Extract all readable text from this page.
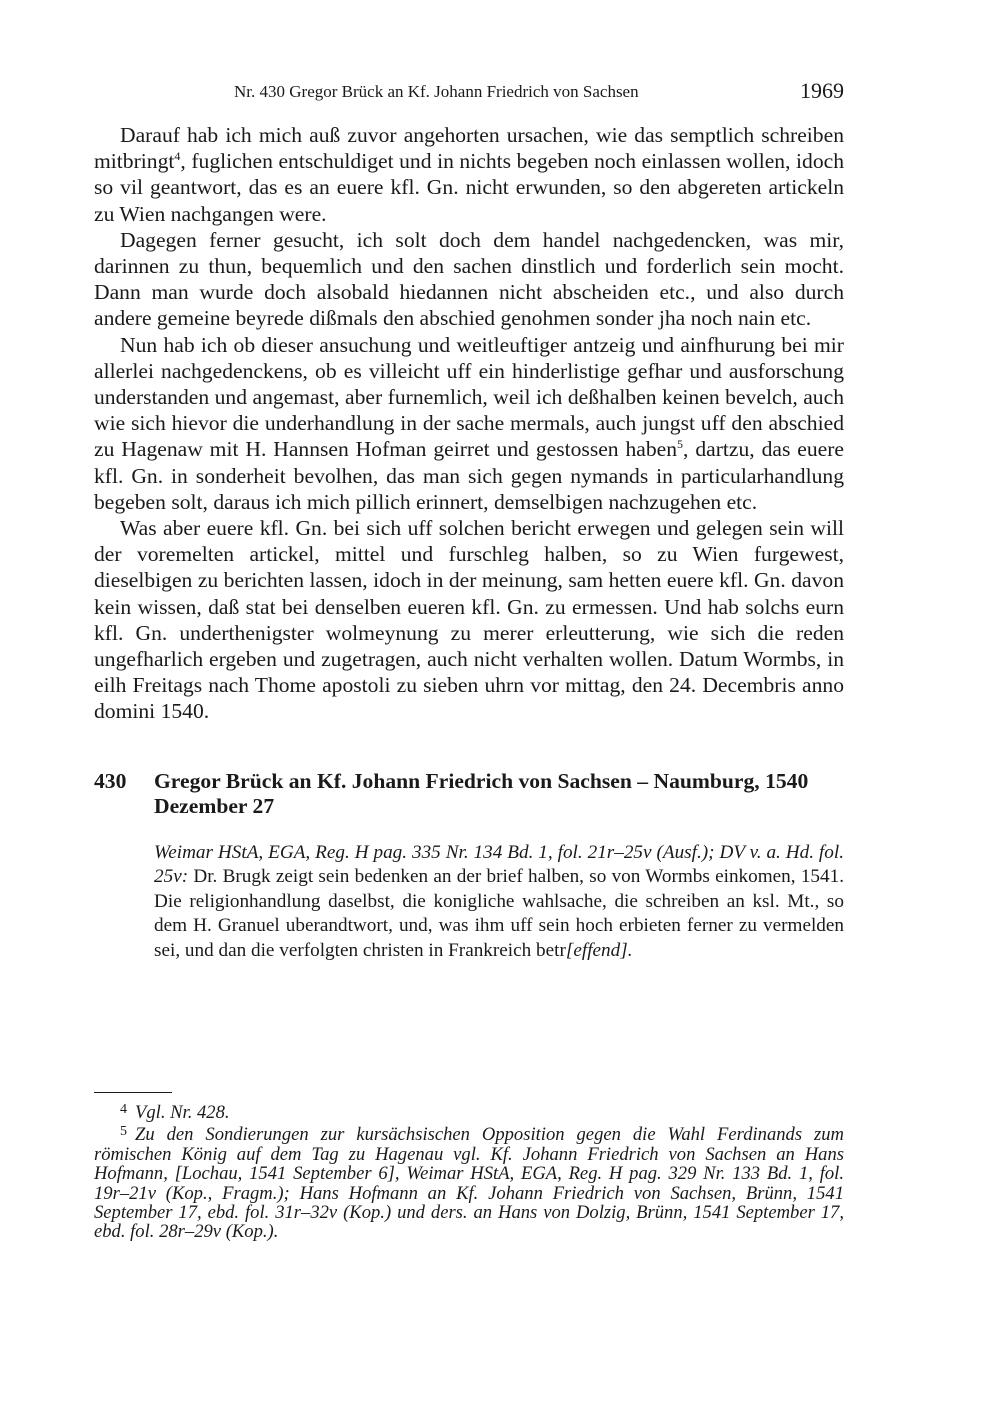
Nr. 430 Gregor Brück an Kf. Johann Friedrich von Sachsen	1969

Darauf hab ich mich auß zuvor angehorten ursachen, wie das semptlich schreiben mitbringt$^4$, fuglichen entschuldiget und in nichts begeben noch einlassen wollen, idoch so vil geantwort, das es an euere kfl. Gn. nicht erwunden, so den abgereten artickeln zu Wien nachgangen were.

Dagegen ferner gesucht, ich solt doch dem handel nachgedencken, was mir, darinnen zu thun, bequemlich und den sachen dinstlich und forderlich sein mocht. Dann man wurde doch alsobald hiedannen nicht abscheiden etc., und also durch andere gemeine beyrede dißmals den abschied genohmen sonder jha noch nain etc.

Nun hab ich ob dieser ansuchung und weitleuftiger antzeig und ainfhurung bei mir allerlei nachgedenckens, ob es villeicht uff ein hinderlistige gefhar und ausforschung understanden und angemast, aber furnemlich, weil ich deßhalben keinen bevelch, auch wie sich hievor die underhandlung in der sache mermals, auch jungst uff den abschied zu Hagenaw mit H. Hannsen Hofman geirret und gestossen haben$^5$, dartzu, das euere kfl. Gn. in sonderheit bevolhen, das man sich gegen nymands in particularhandlung begeben solt, daraus ich mich pillich erinnert, demselbigen nachzugehen etc.

Was aber euere kfl. Gn. bei sich uff solchen bericht erwegen und gelegen sein will der voremelten artickel, mittel und furschleg halben, so zu Wien furgewest, dieselbigen zu berichten lassen, idoch in der meinung, sam hetten euere kfl. Gn. davon kein wissen, daß stat bei denselben eueren kfl. Gn. zu ermessen. Und hab solchs eurn kfl. Gn. underthenigster wolmeynung zu merer erleutterung, wie sich die reden ungefharlich ergeben und zugetragen, auch nicht verhalten wollen. Datum Wormbs, in eilh Freitags nach Thome apostoli zu sieben uhrn vor mittag, den 24. Decembris anno domini 1540.

430	Gregor Brück an Kf. Johann Friedrich von Sachsen – Naumburg, 1540 Dezember 27
Weimar HStA, EGA, Reg. H pag. 335 Nr. 134 Bd. 1, fol. 21r–25v (Ausf.); DV v. a. Hd. fol. 25v: Dr. Brugk zeigt sein bedenken an der brief halben, so von Wormbs einkomen, 1541. Die religionhandlung daselbst, die konigliche wahlsache, die schreiben an ksl. Mt., so dem H. Granuel uberandtwort, und, was ihm uff sein hoch erbieten ferner zu vermelden sei, und dan die verfolgten christen in Frankreich betr[effend].

$^4$ Vgl. Nr. 428.

$^5$ Zu den Sondierungen zur kursächsischen Opposition gegen die Wahl Ferdinands zum römischen König auf dem Tag zu Hagenau vgl. Kf. Johann Friedrich von Sachsen an Hans Hofmann, [Lochau, 1541 September 6], Weimar HStA, EGA, Reg. H pag. 329 Nr. 133 Bd. 1, fol. 19r–21v (Kop., Fragm.); Hans Hofmann an Kf. Johann Friedrich von Sachsen, Brünn, 1541 September 17, ebd. fol. 31r–32v (Kop.) und ders. an Hans von Dolzig, Brünn, 1541 September 17, ebd. fol. 28r–29v (Kop.).
